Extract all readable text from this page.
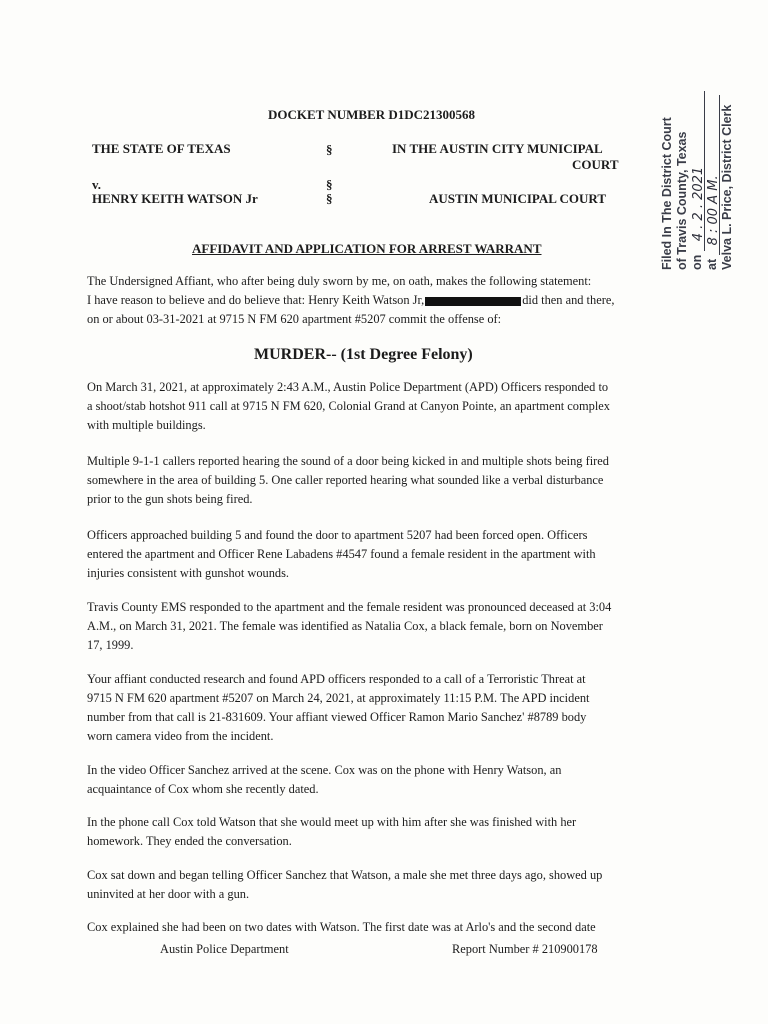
DOCKET NUMBER D1DC21300568
THE STATE OF TEXAS
v.
HENRY KEITH WATSON Jr
§
§
§
IN THE AUSTIN CITY MUNICIPAL
COURT
AUSTIN MUNICIPAL COURT
AFFIDAVIT AND APPLICATION FOR ARREST WARRANT
The Undersigned Affiant, who after being duly sworn by me, on oath, makes the following statement:
I have reason to believe and do believe that: Henry Keith Watson Jr,	did then and there,
on or about 03-31-2021 at 9715 N FM 620 apartment #5207 commit the offense of:
MURDER-- (1st Degree Felony)
On March 31, 2021, at approximately 2:43 A.M., Austin Police Department (APD) Officers responded to
a shoot/stab hotshot 911 call at 9715 N FM 620, Colonial Grand at Canyon Pointe, an apartment complex
with multiple buildings.
Multiple 9-1-1 callers reported hearing the sound of a door being kicked in and multiple shots being fired
somewhere in the area of building 5. One caller reported hearing what sounded like a verbal disturbance
prior to the gun shots being fired.
Officers approached building 5 and found the door to apartment 5207 had been forced open. Officers
entered the apartment and Officer Rene Labadens #4547 found a female resident in the apartment with
injuries consistent with gunshot wounds.
Travis County EMS responded to the apartment and the female resident was pronounced deceased at 3:04
A.M., on March 31, 2021. The female was identified as Natalia Cox, a black female, born on November
17, 1999.
Your affiant conducted research and found APD officers responded to a call of a Terroristic Threat at
9715 N FM 620 apartment #5207 on March 24, 2021, at approximately 11:15 P.M. The APD incident
number from that call is 21-831609. Your affiant viewed Officer Ramon Mario Sanchez' #8789 body
worn camera video from the incident.
In the video Officer Sanchez arrived at the scene. Cox was on the phone with Henry Watson, an
acquaintance of Cox whom she recently dated.
In the phone call Cox told Watson that she would meet up with him after she was finished with her
homework. They ended the conversation.
Cox sat down and began telling Officer Sanchez that Watson, a male she met three days ago, showed up
uninvited at her door with a gun.
Cox explained she had been on two dates with Watson. The first date was at Arlo's and the second date
Austin Police Department	Report Number # 210900178
Filed In The District Court of Travis County, Texas on 4 . 2 . 2021
at 8 : 00 A M. Velva L. Price, District Clerk
